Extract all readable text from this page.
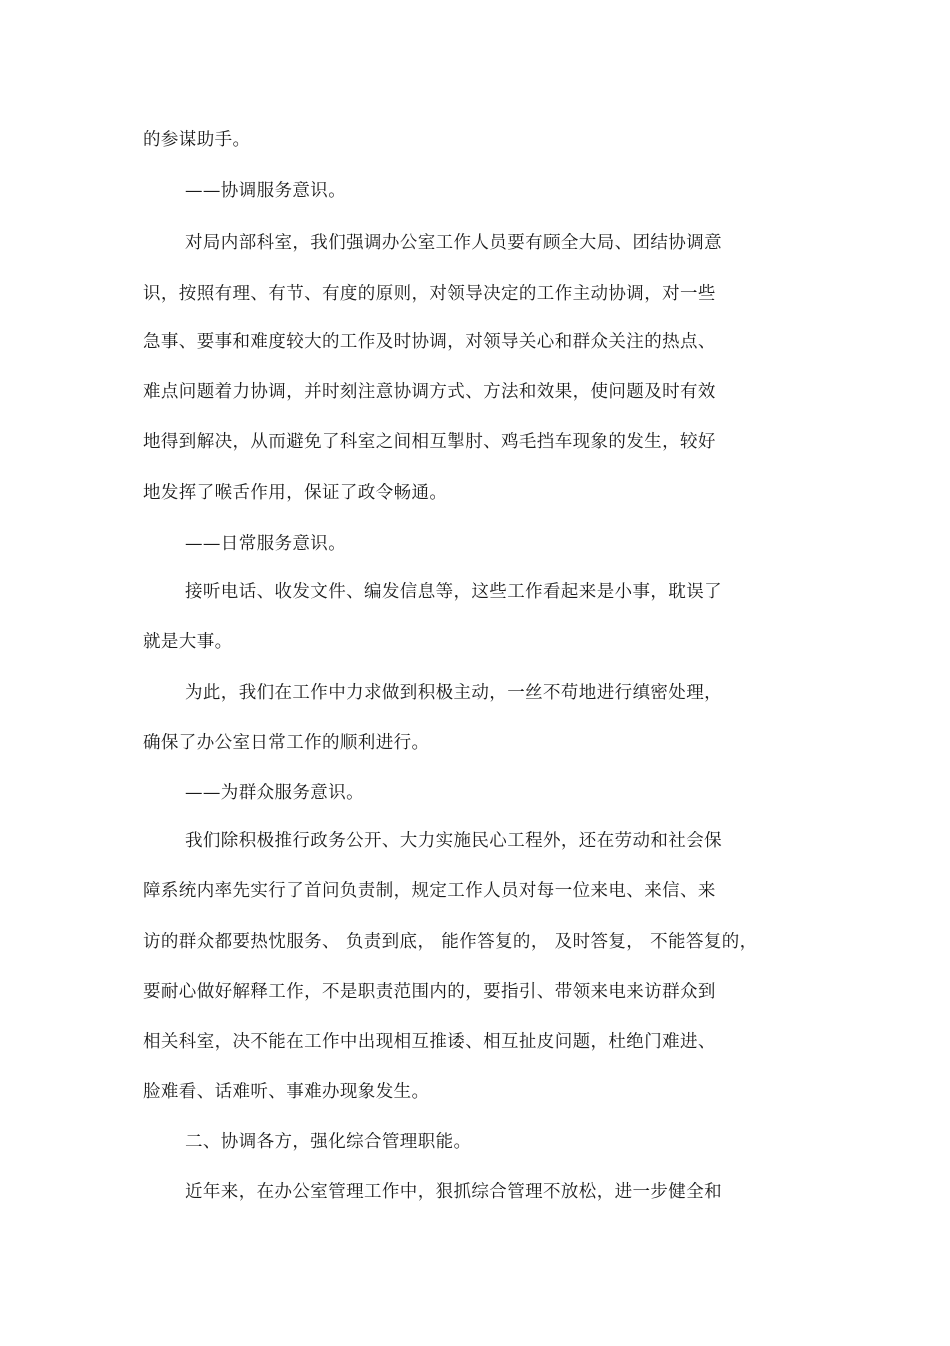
的参谋助手。
——协调服务意识。
对局内部科室，我们强调办公室工作人员要有顾全大局、团结协调意
识，按照有理、有节、有度的原则，对领导决定的工作主动协调，对一些
急事、要事和难度较大的工作及时协调，对领导关心和群众关注的热点、
难点问题着力协调，并时刻注意协调方式、方法和效果，使问题及时有效
地得到解决，从而避免了科室之间相互掣肘、鸡毛挡车现象的发生，较好
地发挥了喉舌作用，保证了政令畅通。
——日常服务意识。
接听电话、收发文件、编发信息等，这些工作看起来是小事，耽误了
就是大事。
为此，我们在工作中力求做到积极主动，一丝不苟地进行缜密处理，
确保了办公室日常工作的顺利进行。
——为群众服务意识。
我们除积极推行政务公开、大力实施民心工程外，还在劳动和社会保
障系统内率先实行了首问负责制，规定工作人员对每一位来电、来信、来
访的群众都要热忱服务、 负责到底， 能作答复的， 及时答复， 不能答复的，
要耐心做好解释工作，不是职责范围内的，要指引、带领来电来访群众到
相关科室，决不能在工作中出现相互推诿、相互扯皮问题，杜绝门难进、
脸难看、话难听、事难办现象发生。
二、协调各方，强化综合管理职能。
近年来，在办公室管理工作中，狠抓综合管理不放松，进一步健全和
